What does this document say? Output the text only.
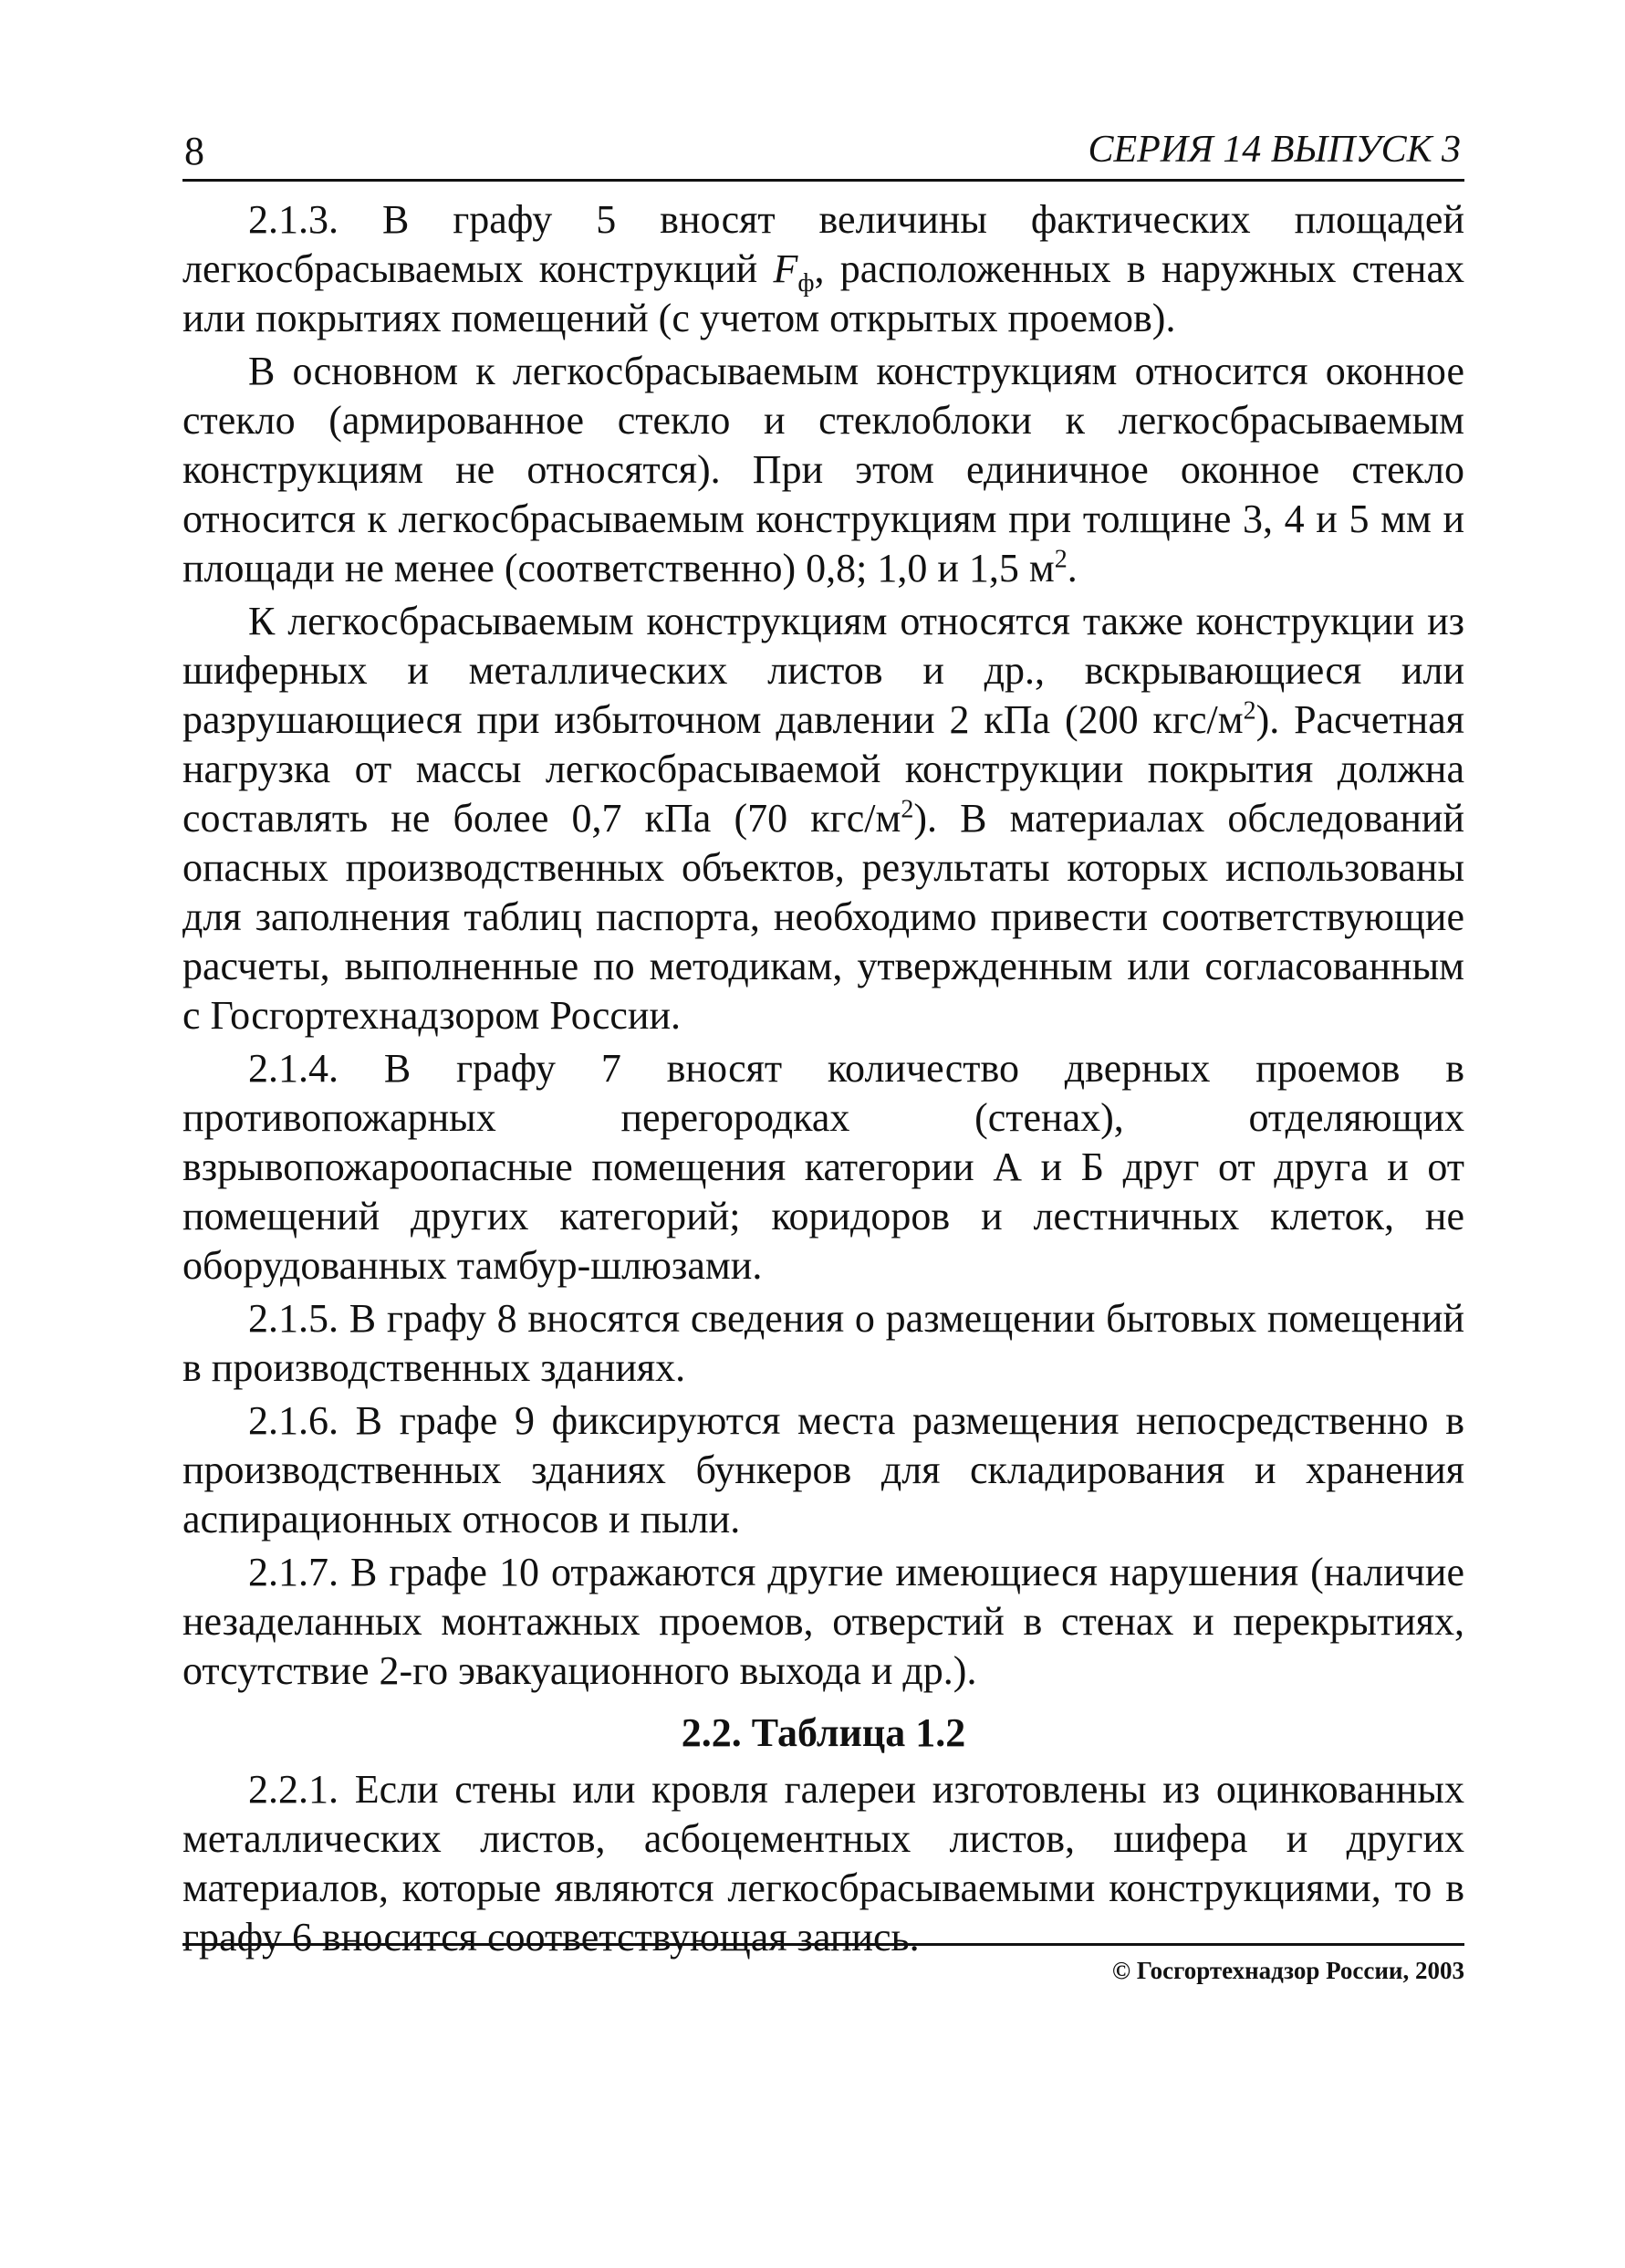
8	СЕРИЯ 14 ВЫПУСК 3

2.1.3. В графу 5 вносят величины фактических площадей легкосбрасываемых конструкций $F_ф$, расположенных в наружных стенах или покрытиях помещений (с учетом открытых проемов).

В основном к легкосбрасываемым конструкциям относится оконное стекло (армированное стекло и стеклоблоки к легкосбрасываемым конструкциям не относятся). При этом единичное оконное стекло относится к легкосбрасываемым конструкциям при толщине 3, 4 и 5 мм и площади не менее (соответственно) 0,8; 1,0 и 1,5 $м^2$.

К легкосбрасываемым конструкциям относятся также конструкции из шиферных и металлических листов и др., вскрывающиеся или разрушающиеся при избыточном давлении 2 кПа (200 кгс/$м^2$). Расчетная нагрузка от массы легкосбрасываемой конструкции покрытия должна составлять не более 0,7 кПа (70 кгс/$м^2$). В материалах обследований опасных производственных объектов, результаты которых использованы для заполнения таблиц паспорта, необходимо привести соответствующие расчеты, выполненные по методикам, утвержденным или согласованным с Госгортехнадзором России.

2.1.4. В графу 7 вносят количество дверных проемов в противопожарных перегородках (стенах), отделяющих взрывопожароопасные помещения категории А и Б друг от друга и от помещений других категорий; коридоров и лестничных клеток, не оборудованных тамбур-шлюзами.

2.1.5. В графу 8 вносятся сведения о размещении бытовых помещений в производственных зданиях.

2.1.6. В графе 9 фиксируются места размещения непосредственно в производственных зданиях бункеров для складирования и хранения аспирационных относов и пыли.

2.1.7. В графе 10 отражаются другие имеющиеся нарушения (наличие незаделанных монтажных проемов, отверстий в стенах и перекрытиях, отсутствие 2-го эвакуационного выхода и др.).

2.2. Таблица 1.2

2.2.1. Если стены или кровля галереи изготовлены из оцинкованных металлических листов, асбоцементных листов, шифера и других материалов, которые являются легкосбрасываемыми конструкциями, то в графу 6 вносится соответствующая запись.

© Госгортехнадзор России, 2003
